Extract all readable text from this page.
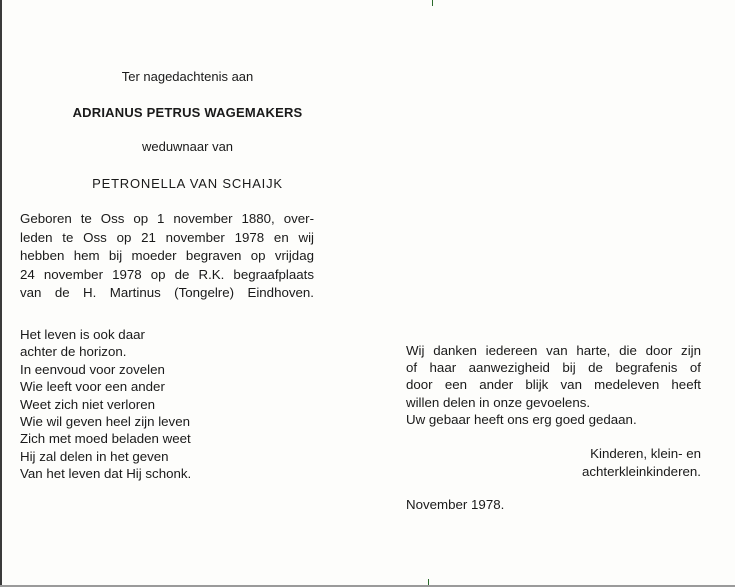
Ter nagedachtenis aan
ADRIANUS PETRUS WAGEMAKERS
weduwnaar van
PETRONELLA VAN SCHAIJK
Geboren te Oss op 1 november 1880, over-
leden te Oss op 21 november 1978 en wij
hebben hem bij moeder begraven op vrijdag
24 november 1978 op de R.K. begraafplaats
van de H. Martinus (Tongelre) Eindhoven.
Het leven is ook daar
achter de horizon.
In eenvoud voor zovelen
Wie leeft voor een ander
Weet zich niet verloren
Wie wil geven heel zijn leven
Zich met moed beladen weet
Hij zal delen in het geven
Van het leven dat Hij schonk.
Wij danken iedereen van harte, die door zijn
of haar aanwezigheid bij de begrafenis of
door een ander blijk van medeleven heeft
willen delen in onze gevoelens.
Uw gebaar heeft ons erg goed gedaan.
Kinderen, klein- en
achterkleinkinderen.
November 1978.
